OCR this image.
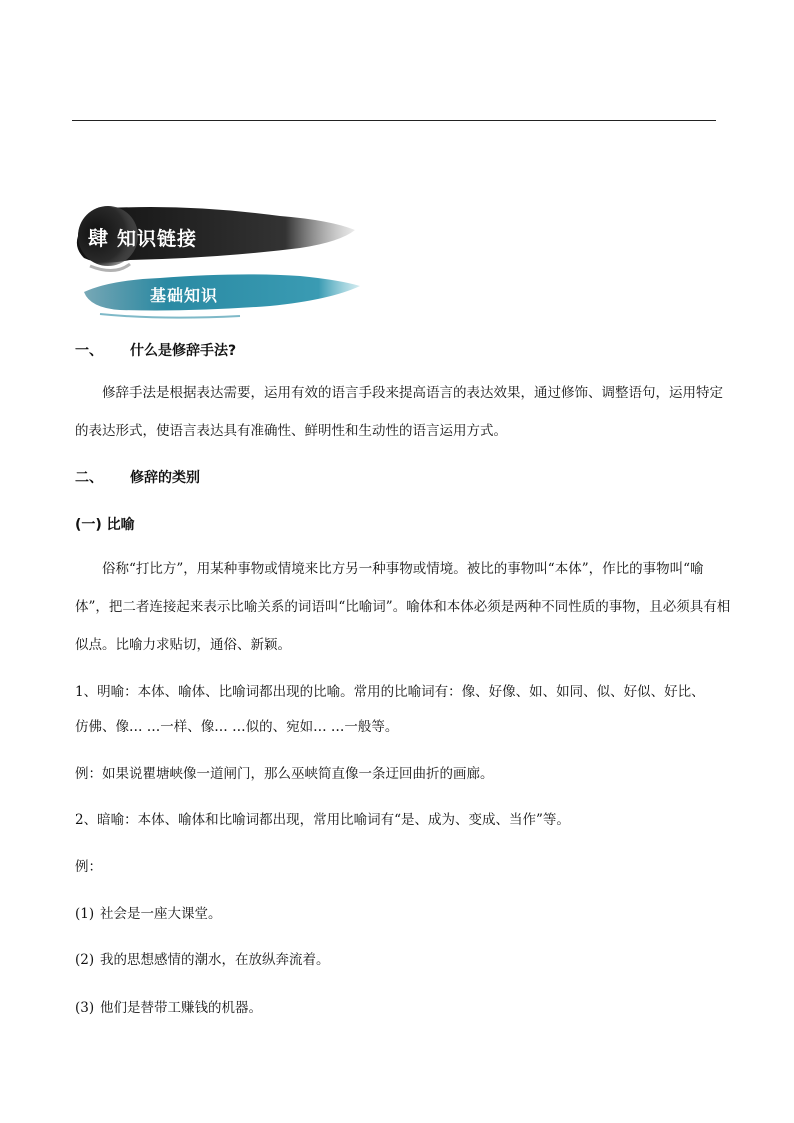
肆 知识链接
基础知识
一、 什么是修辞手法?
修辞手法是根据表达需要，运用有效的语言手段来提高语言的表达效果，通过修饰、调整语句，运用特定的表达形式，使语言表达具有准确性、鲜明性和生动性的语言运用方式。
二、 修辞的类别
(一) 比喻
俗称“打比方”，用某种事物或情境来比方另一种事物或情境。被比的事物叫“本体”，作比的事物叫“喻体”，把二者连接起来表示比喻关系的词语叫“比喻词”。喻体和本体必须是两种不同性质的事物，且必须具有相似点。比喻力求贴切，通俗、新颖。
1、明喻：本体、喻体、比喻词都出现的比喻。常用的比喻词有：像、好像、如、如同、似、好似、好比、
仿佛、像… …一样、像… …似的、宛如… …一般等。
例：如果说瞿塘峡像一道闸门，那么巫峡简直像一条迂回曲折的画廊。
2、暗喻：本体、喻体和比喻词都出现，常用比喻词有“是、成为、变成、当作”等。
例：
(1) 社会是一座大课堂。
(2) 我的思想感情的潮水，在放纵奔流着。
(3) 他们是替带工赚钱的机器。
